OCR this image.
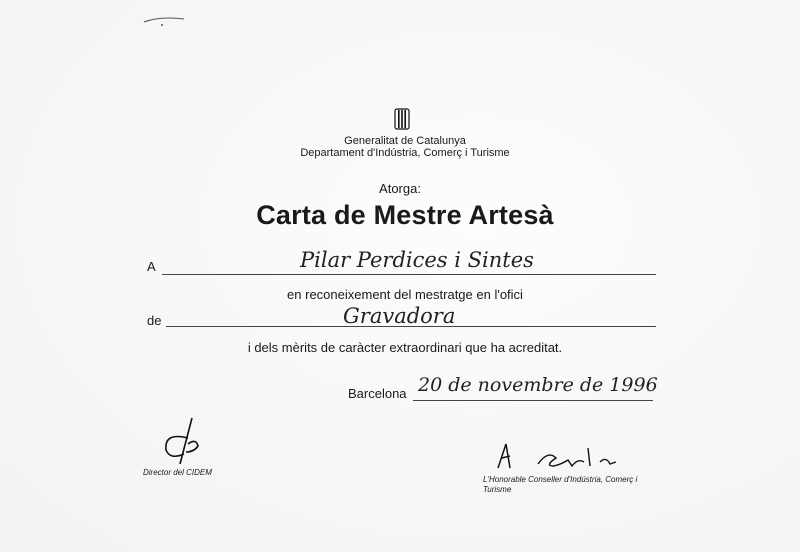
Generalitat de Catalunya
Departament d'Indústria, Comerç i Turisme
Atorga:
Carta de Mestre Artesà
A	Pilar Perdices i Sintes
en reconeixement del mestratge en l'ofici
de	Gravadora
i dels mèrits de caràcter extraordinari que ha acreditat.
Barcelona 20 de novembre de 1996
Director del CIDEM
L'Honorable Conseller d'Indústria, Comerç i Turisme
